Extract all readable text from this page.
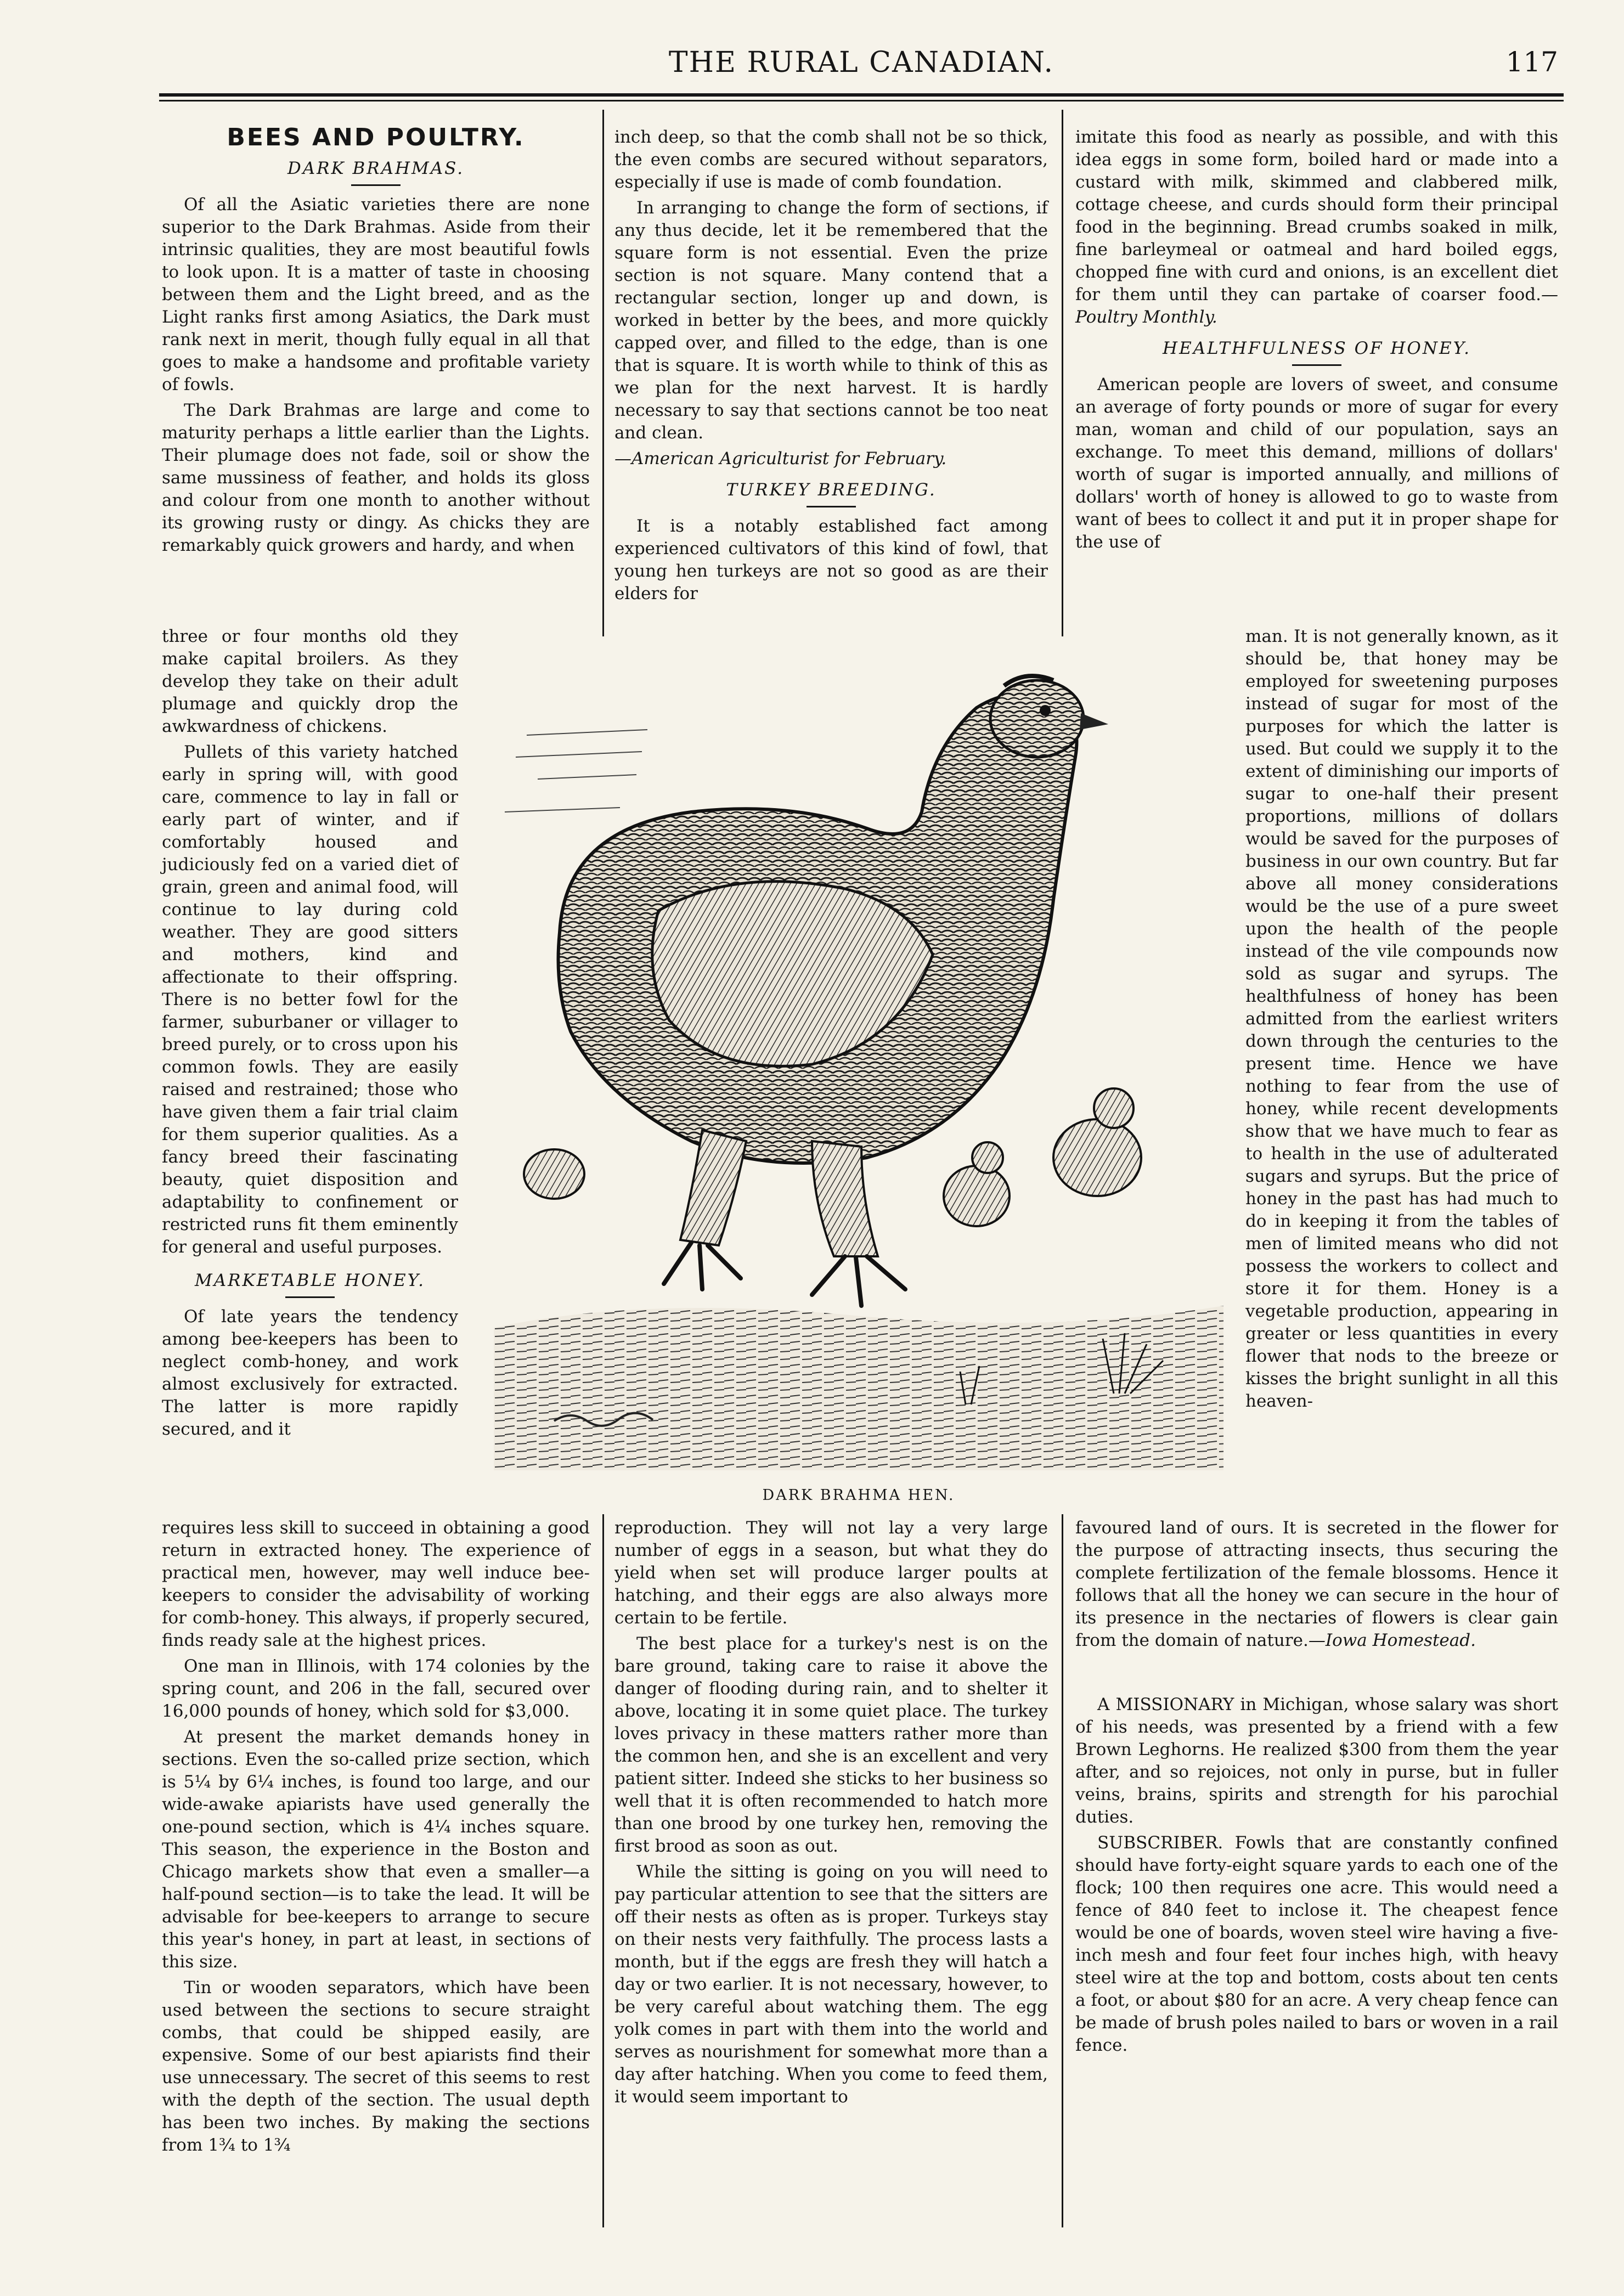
THE RURAL CANADIAN.	117
BEES AND POULTRY.
DARK BRAHMAS.

Of all the Asiatic varieties there are none superior to the Dark Brahmas. Aside from their intrinsic qualities, they are most beautiful fowls to look upon. It is a matter of taste in choosing between them and the Light breed, and as the Light ranks first among Asiatics, the Dark must rank next in merit, though fully equal in all that goes to make a handsome and profitable variety of fowls.

The Dark Brahmas are large and come to maturity perhaps a little earlier than the Lights. Their plumage does not fade, soil or show the same mussiness of feather, and holds its gloss and colour from one month to another without its growing rusty or dingy. As chicks they are remarkably quick growers and hardy, and when

three or four months old they make capital broilers. As they develop they take on their adult plumage and quickly drop the awkwardness of chickens.

Pullets of this variety hatched early in spring will, with good care, commence to lay in fall or early part of winter, and if comfortably housed and judiciously fed on a varied diet of grain, green and animal food, will continue to lay during cold weather. They are good sitters and mothers, kind and affectionate to their offspring. There is no better fowl for the farmer, suburbaner or villager to breed purely, or to cross upon his common fowls. They are easily raised and restrained; those who have given them a fair trial claim for them superior qualities. As a fancy breed their fascinating beauty, quiet disposition and adaptability to confinement or restricted runs fit them eminently for general and useful purposes.

MARKETABLE HONEY.

Of late years the tendency among bee-keepers has been to neglect comb-honey, and work almost exclusively for extracted. The latter is more rapidly secured, and it

requires less skill to succeed in obtaining a good return in extracted honey. The experience of practical men, however, may well induce bee-keepers to consider the advisability of working for comb-honey. This always, if properly secured, finds ready sale at the highest prices.

One man in Illinois, with 174 colonies by the spring count, and 206 in the fall, secured over 16,000 pounds of honey, which sold for $3,000.

At present the market demands honey in sections. Even the so-called prize section, which is 5¼ by 6¼ inches, is found too large, and our wide-awake apiarists have used generally the one-pound section, which is 4¼ inches square. This season, the experience in the Boston and Chicago markets show that even a smaller—a half-pound section—is to take the lead. It will be advisable for bee-keepers to arrange to secure this year's honey, in part at least, in sections of this size.

Tin or wooden separators, which have been used between the sections to secure straight combs, that could be shipped easily, are expensive. Some of our best apiarists find their use unnecessary. The secret of this seems to rest with the depth of the section. The usual depth has been two inches. By making the sections from 1¾ to 1¾

inch deep, so that the comb shall not be so thick, the even combs are secured without separators, especially if use is made of comb foundation.

In arranging to change the form of sections, if any thus decide, let it be remembered that the square form is not essential. Even the prize section is not square. Many contend that a rectangular section, longer up and down, is worked in better by the bees, and more quickly capped over, and filled to the edge, than is one that is square. It is worth while to think of this as we plan for the next harvest. It is hardly necessary to say that sections cannot be too neat and clean.

—American Agriculturist for February.

TURKEY BREEDING.

It is a notably established fact among experienced cultivators of this kind of fowl, that young hen turkeys are not so good as are their elders for

reproduction. They will not lay a very large number of eggs in a season, but what they do yield when set will produce larger poults at hatching, and their eggs are also always more certain to be fertile.

The best place for a turkey's nest is on the bare ground, taking care to raise it above the danger of flooding during rain, and to shelter it above, locating it in some quiet place. The turkey loves privacy in these matters rather more than the common hen, and she is an excellent and very patient sitter. Indeed she sticks to her business so well that it is often recommended to hatch more than one brood by one turkey hen, removing the first brood as soon as out.

While the sitting is going on you will need to pay particular attention to see that the sitters are off their nests as often as is proper. Turkeys stay on their nests very faithfully. The process lasts a month, but if the eggs are fresh they will hatch a day or two earlier. It is not necessary, however, to be very careful about watching them. The egg yolk comes in part with them into the world and serves as nourishment for somewhat more than a day after hatching. When you come to feed them, it would seem important to

imitate this food as nearly as possible, and with this idea eggs in some form, boiled hard or made into a custard with milk, skimmed and clabbered milk, cottage cheese, and curds should form their principal food in the beginning. Bread crumbs soaked in milk, fine barleymeal or oatmeal and hard boiled eggs, chopped fine with curd and onions, is an excellent diet for them until they can partake of coarser food.—Poultry Monthly.

HEALTHFULNESS OF HONEY.

American people are lovers of sweet, and consume an average of forty pounds or more of sugar for every man, woman and child of our population, says an exchange. To meet this demand, millions of dollars' worth of sugar is imported annually, and millions of dollars' worth of honey is allowed to go to waste from want of bees to collect it and put it in proper shape for the use of

man. It is not generally known, as it should be, that honey may be employed for sweetening purposes instead of sugar for most of the purposes for which the latter is used. But could we supply it to the extent of diminishing our imports of sugar to one-half their present proportions, millions of dollars would be saved for the purposes of business in our own country. But far above all money considerations would be the use of a pure sweet upon the health of the people instead of the vile compounds now sold as sugar and syrups. The healthfulness of honey has been admitted from the earliest writers down through the centuries to the present time. Hence we have nothing to fear from the use of honey, while recent developments show that we have much to fear as to health in the use of adulterated sugars and syrups. But the price of honey in the past has had much to do in keeping it from the tables of men of limited means who did not possess the workers to collect and store it for them. Honey is a vegetable production, appearing in greater or less quantities in every flower that nods to the breeze or kisses the bright sunlight in all this heaven-

favoured land of ours. It is secreted in the flower for the purpose of attracting insects, thus securing the complete fertilization of the female blossoms. Hence it follows that all the honey we can secure in the hour of its presence in the nectaries of flowers is clear gain from the domain of nature.—Iowa Homestead.

A MISSIONARY in Michigan, whose salary was short of his needs, was presented by a friend with a few Brown Leghorns. He realized $300 from them the year after, and so rejoices, not only in purse, but in fuller veins, brains, spirits and strength for his parochial duties.

SUBSCRIBER. Fowls that are constantly confined should have forty-eight square yards to each one of the flock; 100 then requires one acre. This would need a fence of 840 feet to inclose it. The cheapest fence would be one of boards, woven steel wire having a five-inch mesh and four feet four inches high, with heavy steel wire at the top and bottom, costs about ten cents a foot, or about $80 for an acre. A very cheap fence can be made of brush poles nailed to bars or woven in a rail fence.

DARK BRAHMA HEN.
